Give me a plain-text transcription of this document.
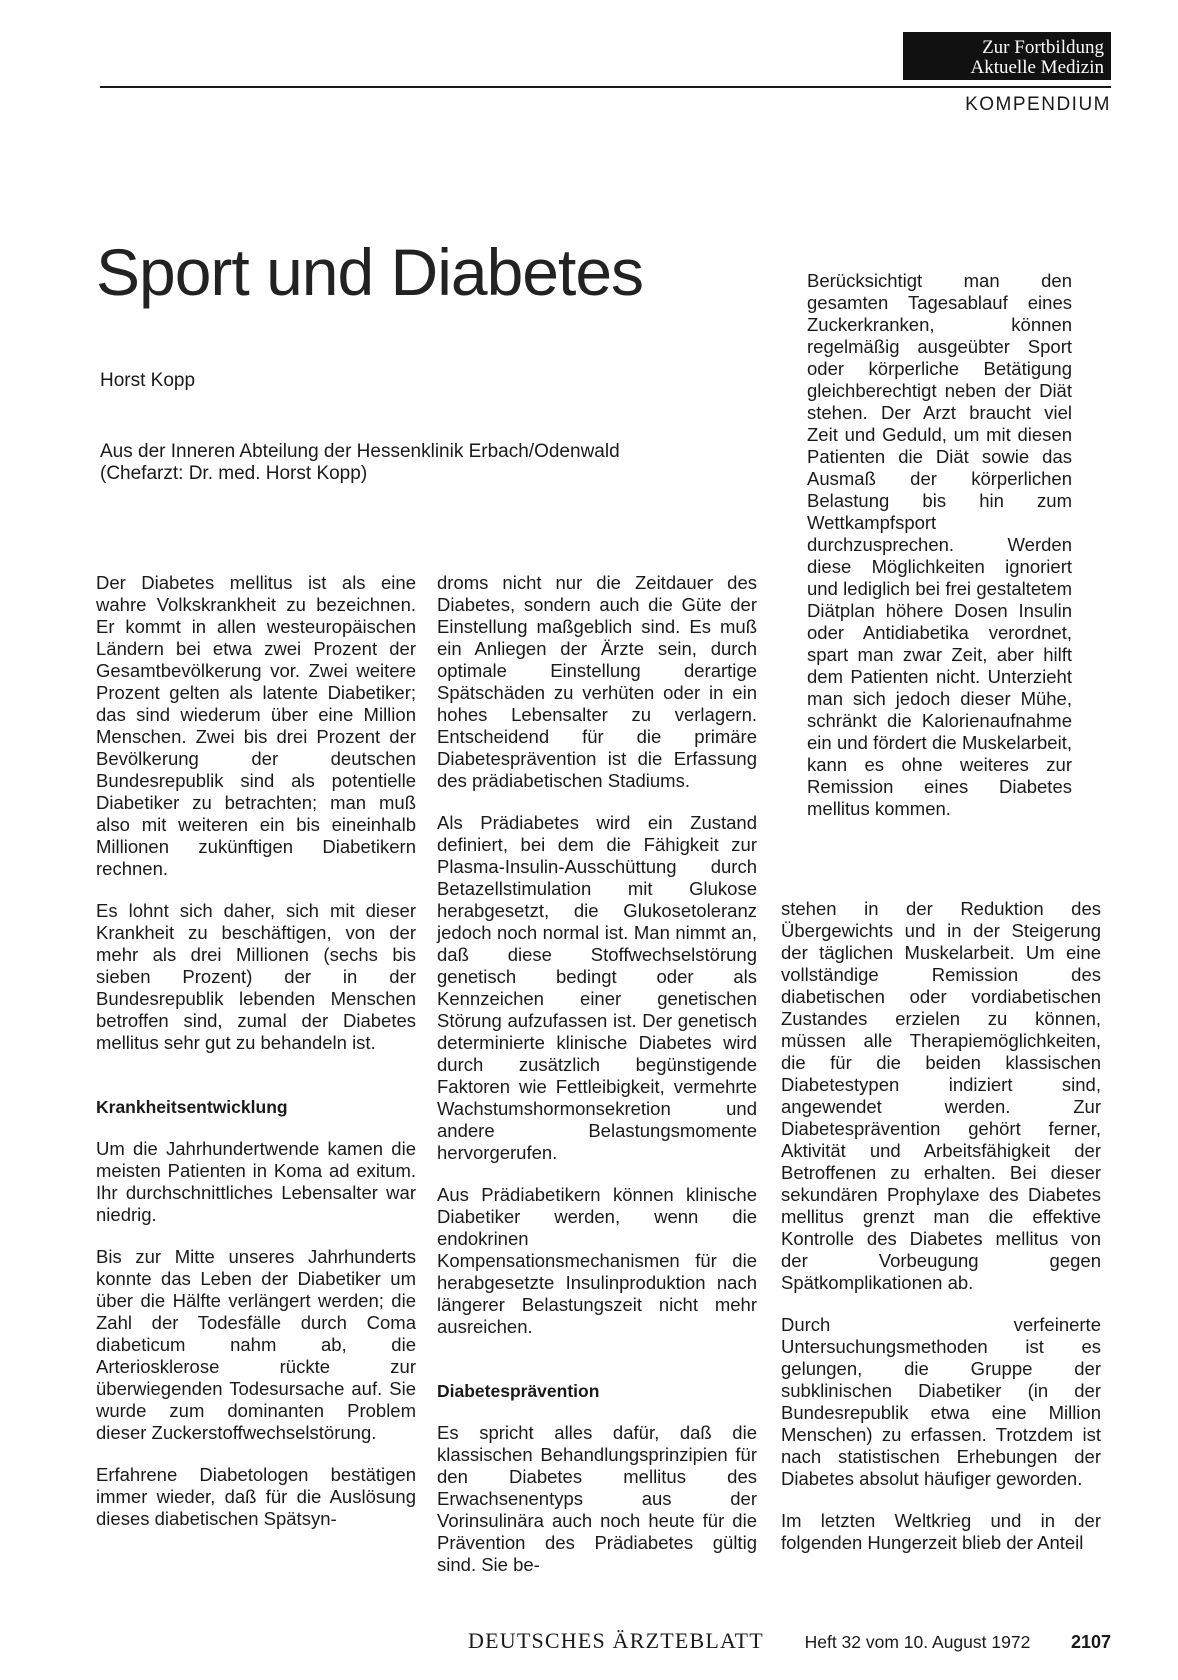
Zur Fortbildung
Aktuelle Medizin
KOMPENDIUM
Sport und Diabetes
Horst Kopp
Aus der Inneren Abteilung der Hessenklinik Erbach/Odenwald
(Chefarzt: Dr. med. Horst Kopp)

Der Diabetes mellitus ist als eine wahre Volkskrankheit zu bezeichnen. Er kommt in allen westeuropäischen Ländern bei etwa zwei Prozent der Gesamtbevölkerung vor. Zwei weitere Prozent gelten als latente Diabetiker; das sind wiederum über eine Million Menschen. Zwei bis drei Prozent der Bevölkerung der deutschen Bundesrepublik sind als potentielle Diabetiker zu betrachten; man muß also mit weiteren ein bis eineinhalb Millionen zukünftigen Diabetikern rechnen.

Es lohnt sich daher, sich mit dieser Krankheit zu beschäftigen, von der mehr als drei Millionen (sechs bis sieben Prozent) der in der Bundesrepublik lebenden Menschen betroffen sind, zumal der Diabetes mellitus sehr gut zu behandeln ist.

Krankheitsentwicklung

Um die Jahrhundertwende kamen die meisten Patienten in Koma ad exitum. Ihr durchschnittliches Lebensalter war niedrig.

Bis zur Mitte unseres Jahrhunderts konnte das Leben der Diabetiker um über die Hälfte verlängert werden; die Zahl der Todesfälle durch Coma diabeticum nahm ab, die Arteriosklerose rückte zur überwiegenden Todesursache auf. Sie wurde zum dominanten Problem dieser Zuckerstoffwechselstörung.

Erfahrene Diabetologen bestätigen immer wieder, daß für die Auslösung dieses diabetischen Spätsyn-

droms nicht nur die Zeitdauer des Diabetes, sondern auch die Güte der Einstellung maßgeblich sind. Es muß ein Anliegen der Ärzte sein, durch optimale Einstellung derartige Spätschäden zu verhüten oder in ein hohes Lebensalter zu verlagern. Entscheidend für die primäre Diabetesprävention ist die Erfassung des prädiabetischen Stadiums.

Als Prädiabetes wird ein Zustand definiert, bei dem die Fähigkeit zur Plasma-Insulin-Ausschüttung durch Betazellstimulation mit Glukose herabgesetzt, die Glukosetoleranz jedoch noch normal ist. Man nimmt an, daß diese Stoffwechselstörung genetisch bedingt oder als Kennzeichen einer genetischen Störung aufzufassen ist. Der genetisch determinierte klinische Diabetes wird durch zusätzlich begünstigende Faktoren wie Fettleibigkeit, vermehrte Wachstumshormonsekretion und andere Belastungsmomente hervorgerufen.

Aus Prädiabetikern können klinische Diabetiker werden, wenn die endokrinen Kompensationsmechanismen für die herabgesetzte Insulinproduktion nach längerer Belastungszeit nicht mehr ausreichen.

Diabetesprävention

Es spricht alles dafür, daß die klassischen Behandlungsprinzipien für den Diabetes mellitus des Erwachsenentyps aus der Vorinsulinära auch noch heute für die Prävention des Prädiabetes gültig sind. Sie be-

Berücksichtigt man den gesamten Tagesablauf eines Zuckerkranken, können regelmäßig ausgeübter Sport oder körperliche Betätigung gleichberechtigt neben der Diät stehen. Der Arzt braucht viel Zeit und Geduld, um mit diesen Patienten die Diät sowie das Ausmaß der körperlichen Belastung bis hin zum Wettkampfsport durchzusprechen. Werden diese Möglichkeiten ignoriert und lediglich bei frei gestaltetem Diätplan höhere Dosen Insulin oder Antidiabetika verordnet, spart man zwar Zeit, aber hilft dem Patienten nicht. Unterzieht man sich jedoch dieser Mühe, schränkt die Kalorienaufnahme ein und fördert die Muskelarbeit, kann es ohne weiteres zur Remission eines Diabetes mellitus kommen.

stehen in der Reduktion des Übergewichts und in der Steigerung der täglichen Muskelarbeit. Um eine vollständige Remission des diabetischen oder vordiabetischen Zustandes erzielen zu können, müssen alle Therapiemöglichkeiten, die für die beiden klassischen Diabetestypen indiziert sind, angewendet werden. Zur Diabetesprävention gehört ferner, Aktivität und Arbeitsfähigkeit der Betroffenen zu erhalten. Bei dieser sekundären Prophylaxe des Diabetes mellitus grenzt man die effektive Kontrolle des Diabetes mellitus von der Vorbeugung gegen Spätkomplikationen ab.

Durch verfeinerte Untersuchungsmethoden ist es gelungen, die Gruppe der subklinischen Diabetiker (in der Bundesrepublik etwa eine Million Menschen) zu erfassen. Trotzdem ist nach statistischen Erhebungen der Diabetes absolut häufiger geworden.

Im letzten Weltkrieg und in der folgenden Hungerzeit blieb der Anteil

DEUTSCHES ÄRZTEBLATT Heft 32 vom 10. August 1972 2107
